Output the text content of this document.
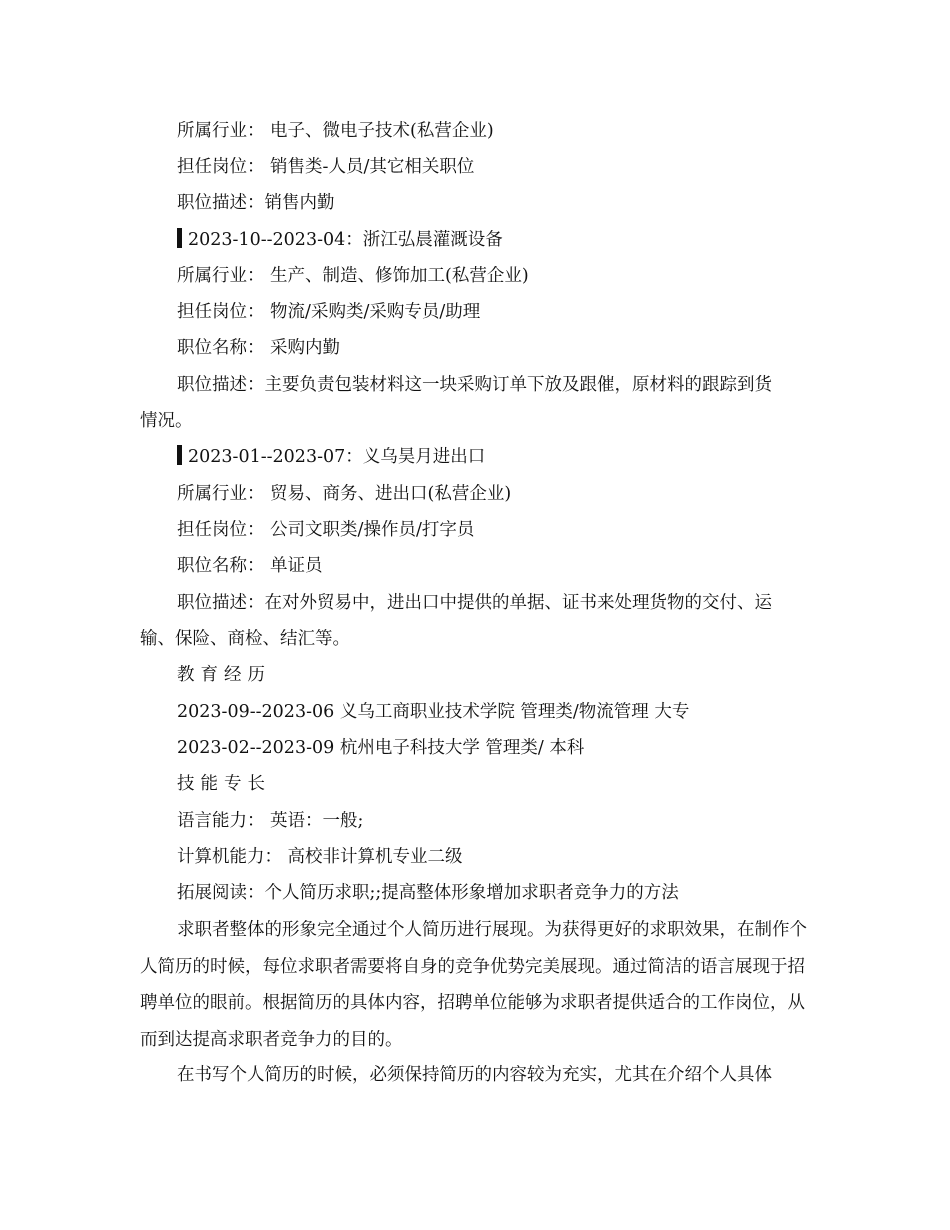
所属行业： 电子、微电子技术(私营企业)
担任岗位： 销售类-人员/其它相关职位
职位描述：销售内勤
2023-10--2023-04：浙江弘晨灌溉设备
所属行业： 生产、制造、修饰加工(私营企业)
担任岗位： 物流/采购类/采购专员/助理
职位名称： 采购内勤
职位描述：主要负责包装材料这一块采购订单下放及跟催，原材料的跟踪到货
情况。
2023-01--2023-07：义乌昊月进出口
所属行业： 贸易、商务、进出口(私营企业)
担任岗位： 公司文职类/操作员/打字员
职位名称： 单证员
职位描述：在对外贸易中，进出口中提供的单据、证书来处理货物的交付、运
输、保险、商检、结汇等。
教育经历
2023-09--2023-06 义乌工商职业技术学院 管理类/物流管理 大专
2023-02--2023-09 杭州电子科技大学 管理类/ 本科
技能专长
语言能力： 英语：一般;
计算机能力： 高校非计算机专业二级
拓展阅读：个人简历求职;;提高整体形象增加求职者竞争力的方法
求职者整体的形象完全通过个人简历进行展现。为获得更好的求职效果，在制作个人简历的时候，每位求职者需要将自身的竞争优势完美展现。通过简洁的语言展现于招聘单位的眼前。根据简历的具体内容，招聘单位能够为求职者提供适合的工作岗位，从而到达提高求职者竞争力的目的。
在书写个人简历的时候，必须保持简历的内容较为充实，尤其在介绍个人具体
